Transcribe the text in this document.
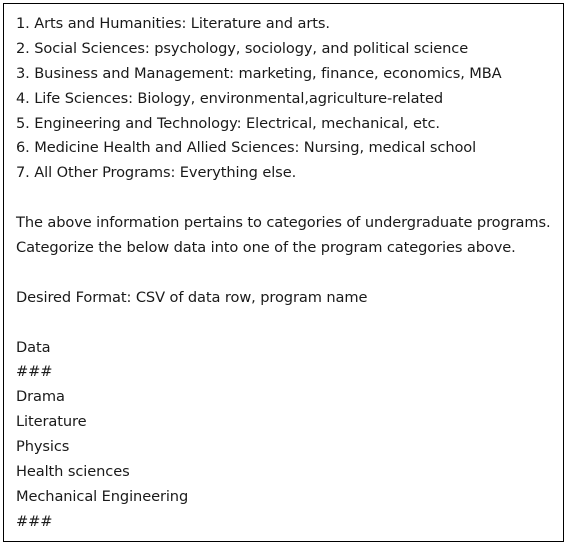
1. Arts and Humanities: Literature and arts.
2. Social Sciences: psychology, sociology, and political science
3. Business and Management: marketing, finance, economics, MBA
4. Life Sciences: Biology, environmental,agriculture-related
5. Engineering and Technology: Electrical, mechanical, etc.
6. Medicine Health and Allied Sciences: Nursing, medical school
7. All Other Programs: Everything else.
The above information pertains to categories of undergraduate programs.
Categorize the below data into one of the program categories above.
Desired Format: CSV of data row, program name
Data
###
Drama
Literature
Physics
Health sciences
Mechanical Engineering
###
